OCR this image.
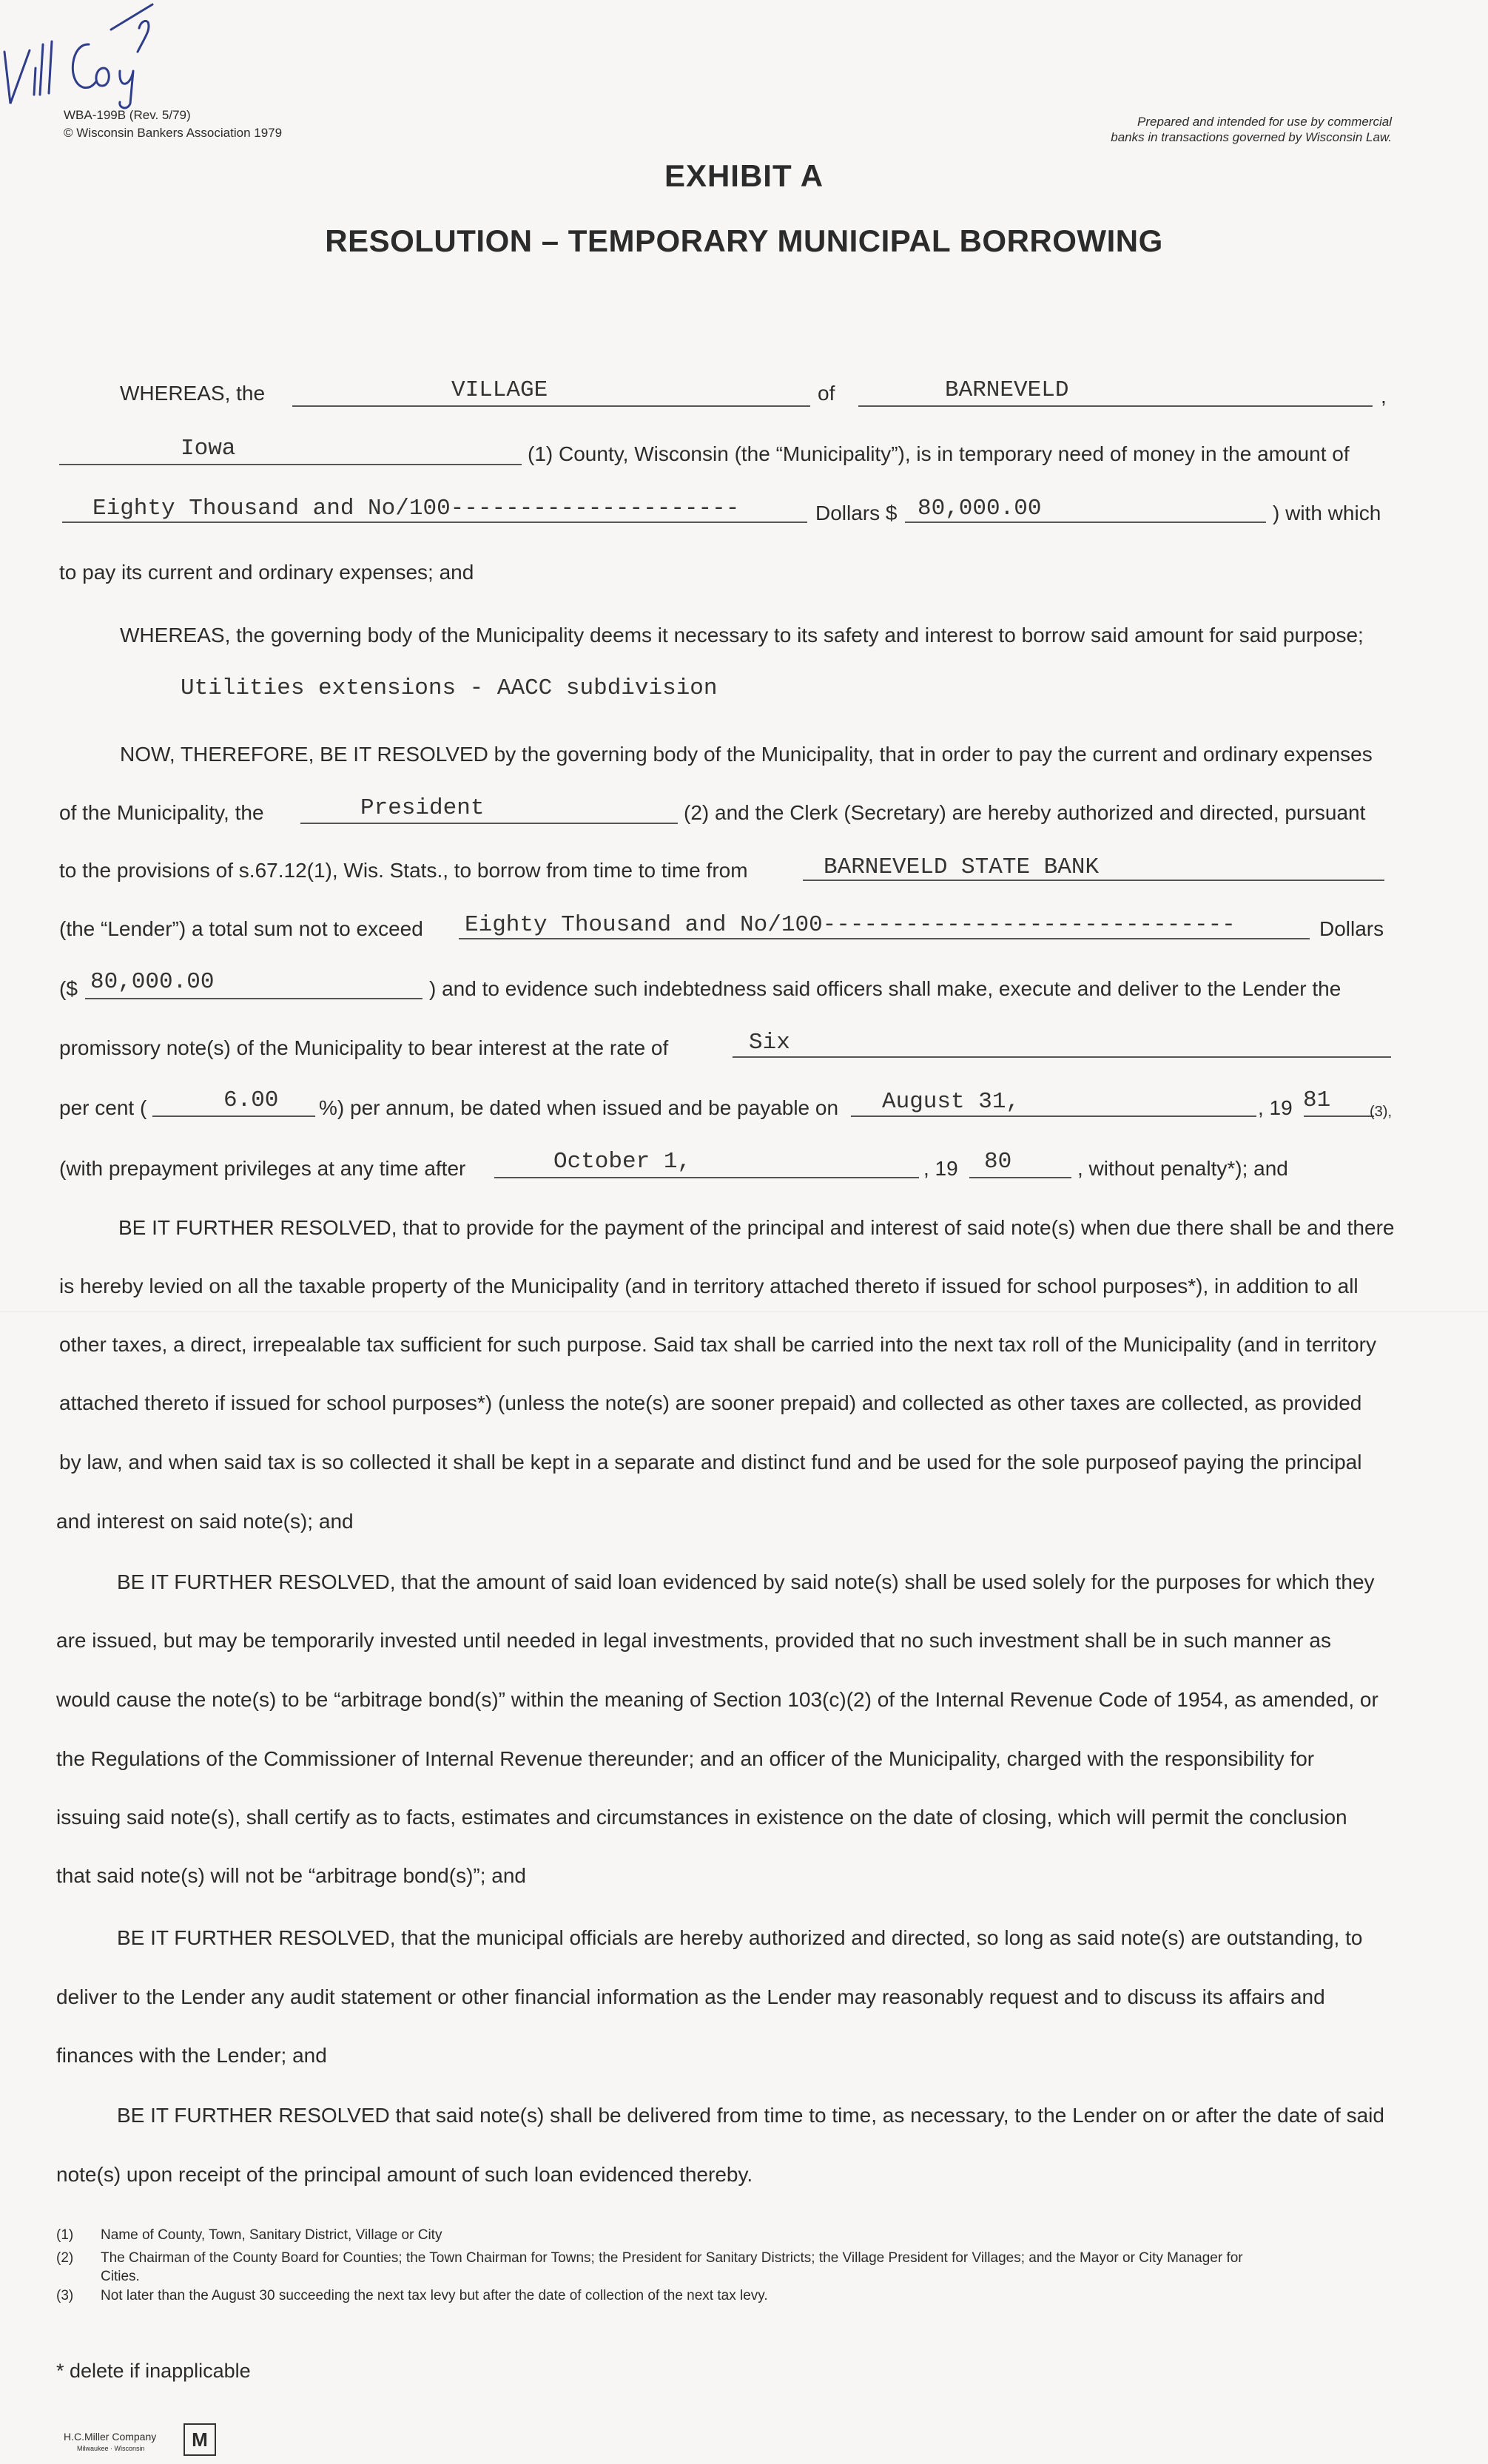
WBA-199B (Rev. 5/79)
© Wisconsin Bankers Association 1979
Prepared and intended for use by commercial
banks in transactions governed by Wisconsin Law.
EXHIBIT A
RESOLUTION – TEMPORARY MUNICIPAL BORROWING
WHEREAS, the	VILLAGE	of	BARNEVELD	,
Iowa	(1) County, Wisconsin (the “Municipality”), is in temporary need of money in the amount of
Eighty Thousand and No/100---------------------	Dollars $ 80,000.00	) with which
to pay its current and ordinary expenses; and
WHEREAS, the governing body of the Municipality deems it necessary to its safety and interest to borrow said amount for said purpose;
Utilities extensions - AACC subdivision
NOW, THEREFORE, BE IT RESOLVED by the governing body of the Municipality, that in order to pay the current and ordinary expenses
of the Municipality, the	President	(2) and the Clerk (Secretary) are hereby authorized and directed, pursuant
to the provisions of s.67.12(1), Wis. Stats., to borrow from time to time from	BARNEVELD STATE BANK
(the “Lender”) a total sum not to exceed Eighty Thousand and No/100------------------------------	Dollars
($ 80,000.00	) and to evidence such indebtedness said officers shall make, execute and deliver to the Lender the
promissory note(s) of the Municipality to bear interest at the rate of	Six
per cent (	6.00 %) per annum, be dated when issued and be payable on August 31,	, 19 81	(3),
(with prepayment privileges at any time after	October 1,	, 19 80	, without penalty*); and
BE IT FURTHER RESOLVED, that to provide for the payment of the principal and interest of said note(s) when due there shall be and there
is hereby levied on all the taxable property of the Municipality (and in territory attached thereto if issued for school purposes*), in addition to all
other taxes, a direct, irrepealable tax sufficient for such purpose. Said tax shall be carried into the next tax roll of the Municipality (and in territory
attached thereto if issued for school purposes*) (unless the note(s) are sooner prepaid) and collected as other taxes are collected, as provided
by law, and when said tax is so collected it shall be kept in a separate and distinct fund and be used for the sole purposeof paying the principal
and interest on said note(s); and
BE IT FURTHER RESOLVED, that the amount of said loan evidenced by said note(s) shall be used solely for the purposes for which they
are issued, but may be temporarily invested until needed in legal investments, provided that no such investment shall be in such manner as
would cause the note(s) to be “arbitrage bond(s)” within the meaning of Section 103(c)(2) of the Internal Revenue Code of 1954, as amended, or
the Regulations of the Commissioner of Internal Revenue thereunder; and an officer of the Municipality, charged with the responsibility for
issuing said note(s), shall certify as to facts, estimates and circumstances in existence on the date of closing, which will permit the conclusion
that said note(s) will not be “arbitrage bond(s)”; and
BE IT FURTHER RESOLVED, that the municipal officials are hereby authorized and directed, so long as said note(s) are outstanding, to
deliver to the Lender any audit statement or other financial information as the Lender may reasonably request and to discuss its affairs and
finances with the Lender; and
BE IT FURTHER RESOLVED that said note(s) shall be delivered from time to time, as necessary, to the Lender on or after the date of said
note(s) upon receipt of the principal amount of such loan evidenced thereby.
(1) Name of County, Town, Sanitary District, Village or City
(2) The Chairman of the County Board for Counties; the Town Chairman for Towns; the President for Sanitary Districts; the Village President for Villages; and the Mayor or City Manager for
Cities.
(3) Not later than the August 30 succeeding the next tax levy but after the date of collection of the next tax levy.
* delete if inapplicable
H.C.Miller Company
Milwaukee · Wisconsin	M
